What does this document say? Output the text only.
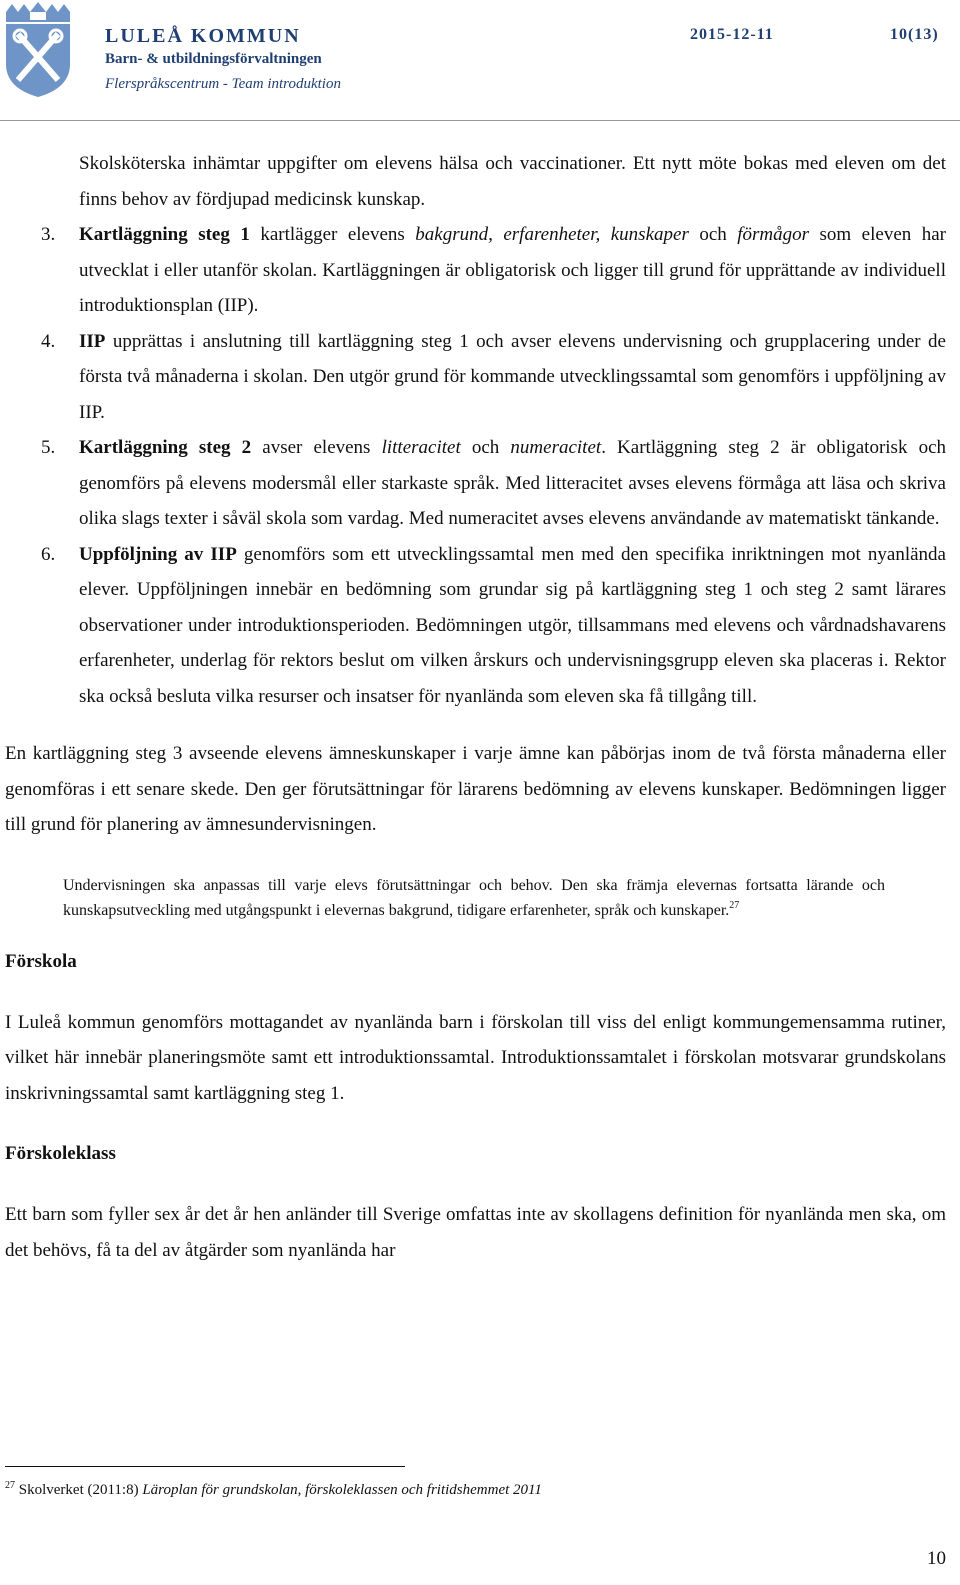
LULEÅ KOMMUN
Barn- & utbildningsförvaltningen
Flerspråkscentrum - Team introduktion
2015-12-11	10(13)

Skolsköterska inhämtar uppgifter om elevens hälsa och vaccinationer. Ett nytt möte bokas med eleven om det finns behov av fördjupad medicinsk kunskap.

3. Kartläggning steg 1 kartlägger elevens bakgrund, erfarenheter, kunskaper och förmågor som eleven har utvecklat i eller utanför skolan. Kartläggningen är obligatorisk och ligger till grund för upprättande av individuell introduktionsplan (IIP).

4. IIP upprättas i anslutning till kartläggning steg 1 och avser elevens undervisning och grupplacering under de första två månaderna i skolan. Den utgör grund för kommande utvecklingssamtal som genomförs i uppföljning av IIP.

5. Kartläggning steg 2 avser elevens litteracitet och numeracitet. Kartläggning steg 2 är obligatorisk och genomförs på elevens modersmål eller starkaste språk. Med litteracitet avses elevens förmåga att läsa och skriva olika slags texter i såväl skola som vardag. Med numeracitet avses elevens användande av matematiskt tänkande.

6. Uppföljning av IIP genomförs som ett utvecklingssamtal men med den specifika inriktningen mot nyanlända elever. Uppföljningen innebär en bedömning som grundar sig på kartläggning steg 1 och steg 2 samt lärares observationer under introduktionsperioden. Bedömningen utgör, tillsammans med elevens och vårdnadshavarens erfarenheter, underlag för rektors beslut om vilken årskurs och undervisningsgrupp eleven ska placeras i. Rektor ska också besluta vilka resurser och insatser för nyanlända som eleven ska få tillgång till.

En kartläggning steg 3 avseende elevens ämneskunskaper i varje ämne kan påbörjas inom de två första månaderna eller genomföras i ett senare skede. Den ger förutsättningar för lärarens bedömning av elevens kunskaper. Bedömningen ligger till grund för planering av ämnesundervisningen.

Undervisningen ska anpassas till varje elevs förutsättningar och behov. Den ska främja elevernas fortsatta lärande och kunskapsutveckling med utgångspunkt i elevernas bakgrund, tidigare erfarenheter, språk och kunskaper.$^{27}$

Förskola

I Luleå kommun genomförs mottagandet av nyanlända barn i förskolan till viss del enligt kommungemensamma rutiner, vilket här innebär planeringsmöte samt ett introduktionssamtal. Introduktionssamtalet i förskolan motsvarar grundskolans inskrivningssamtal samt kartläggning steg 1.

Förskoleklass

Ett barn som fyller sex år det år hen anländer till Sverige omfattas inte av skollagens definition för nyanlända men ska, om det behövs, få ta del av åtgärder som nyanlända har

$^{27}$ Skolverket (2011:8) Läroplan för grundskolan, förskoleklassen och fritidshemmet 2011
10
